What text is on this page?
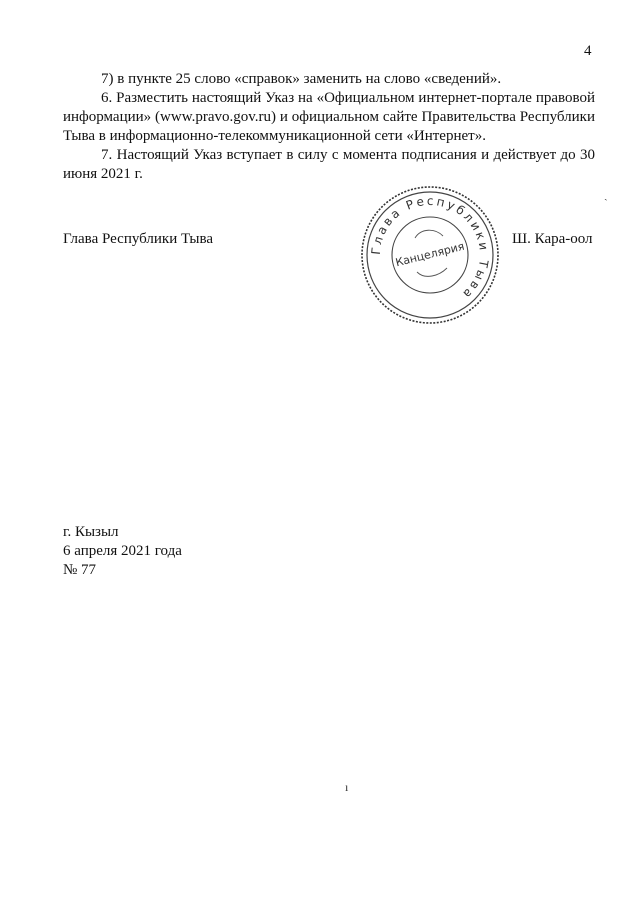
4

7) в пункте 25 слово «справок» заменить на слово «сведений».

6. Разместить настоящий Указ на «Официальном интернет-портале правовой информации» (www.pravo.gov.ru) и официальном сайте Правительства Республики Тыва в информационно-телекоммуникационной сети «Интернет».

7. Настоящий Указ вступает в силу с момента подписания и действует до 30 июня 2021 г.

Глава Республики Тыва
Глава Республики Тыва
Канцелярия
Ш. Кара-оол
ˎ
г. Кызыл
6 апреля 2021 года
№ 77
ı
